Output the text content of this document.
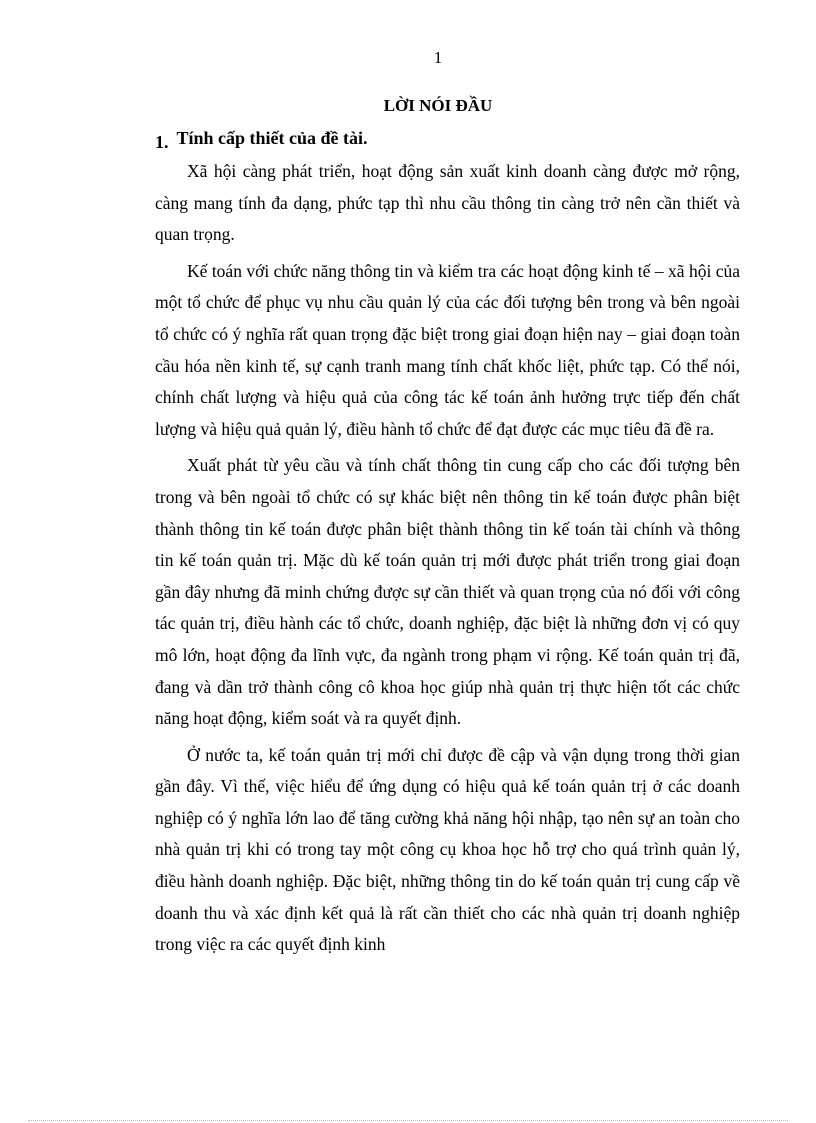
1
LỜI NÓI ĐẦU
1. Tính cấp thiết của đề tài.

Xã hội càng phát triển, hoạt động sản xuất kinh doanh càng được mở rộng, càng mang tính đa dạng, phức tạp thì nhu cầu thông tin càng trở nên cần thiết và quan trọng.

Kế toán với chức năng thông tin và kiểm tra các hoạt động kinh tế – xã hội của một tổ chức để phục vụ nhu cầu quản lý của các đối tượng bên trong và bên ngoài tổ chức có ý nghĩa rất quan trọng đặc biệt trong giai đoạn hiện nay – giai đoạn toàn cầu hóa nền kinh tế, sự cạnh tranh mang tính chất khốc liệt, phức tạp. Có thể nói, chính chất lượng và hiệu quả của công tác kế toán ảnh hưởng trực tiếp đến chất lượng và hiệu quả quản lý, điều hành tổ chức để đạt được các mục tiêu đã đề ra.

Xuất phát từ yêu cầu và tính chất thông tin cung cấp cho các đối tượng bên trong và bên ngoài tổ chức có sự khác biệt nên thông tin kế toán được phân biệt thành thông tin kế toán được phân biệt thành thông tin kế toán tài chính và thông tin kế toán quản trị. Mặc dù kế toán quản trị mới được phát triển trong giai đoạn gần đây nhưng đã minh chứng được sự cần thiết và quan trọng của nó đối với công tác quản trị, điều hành các tổ chức, doanh nghiệp, đặc biệt là những đơn vị có quy mô lớn, hoạt động đa lĩnh vực, đa ngành trong phạm vi rộng. Kế toán quản trị đã, đang và dần trở thành công cô khoa học giúp nhà quản trị thực hiện tốt các chức năng hoạt động, kiểm soát và ra quyết định.

Ở nước ta, kế toán quản trị mới chỉ được đề cập và vận dụng trong thời gian gần đây. Vì thế, việc hiểu để ứng dụng có hiệu quả kế toán quản trị ở các doanh nghiệp có ý nghĩa lớn lao để tăng cường khả năng hội nhập, tạo nên sự an toàn cho nhà quản trị khi có trong tay một công cụ khoa học hỗ trợ cho quá trình quản lý, điều hành doanh nghiệp. Đặc biệt, những thông tin do kế toán quản trị cung cấp về doanh thu và xác định kết quả là rất cần thiết cho các nhà quản trị doanh nghiệp trong việc ra các quyết định kinh
